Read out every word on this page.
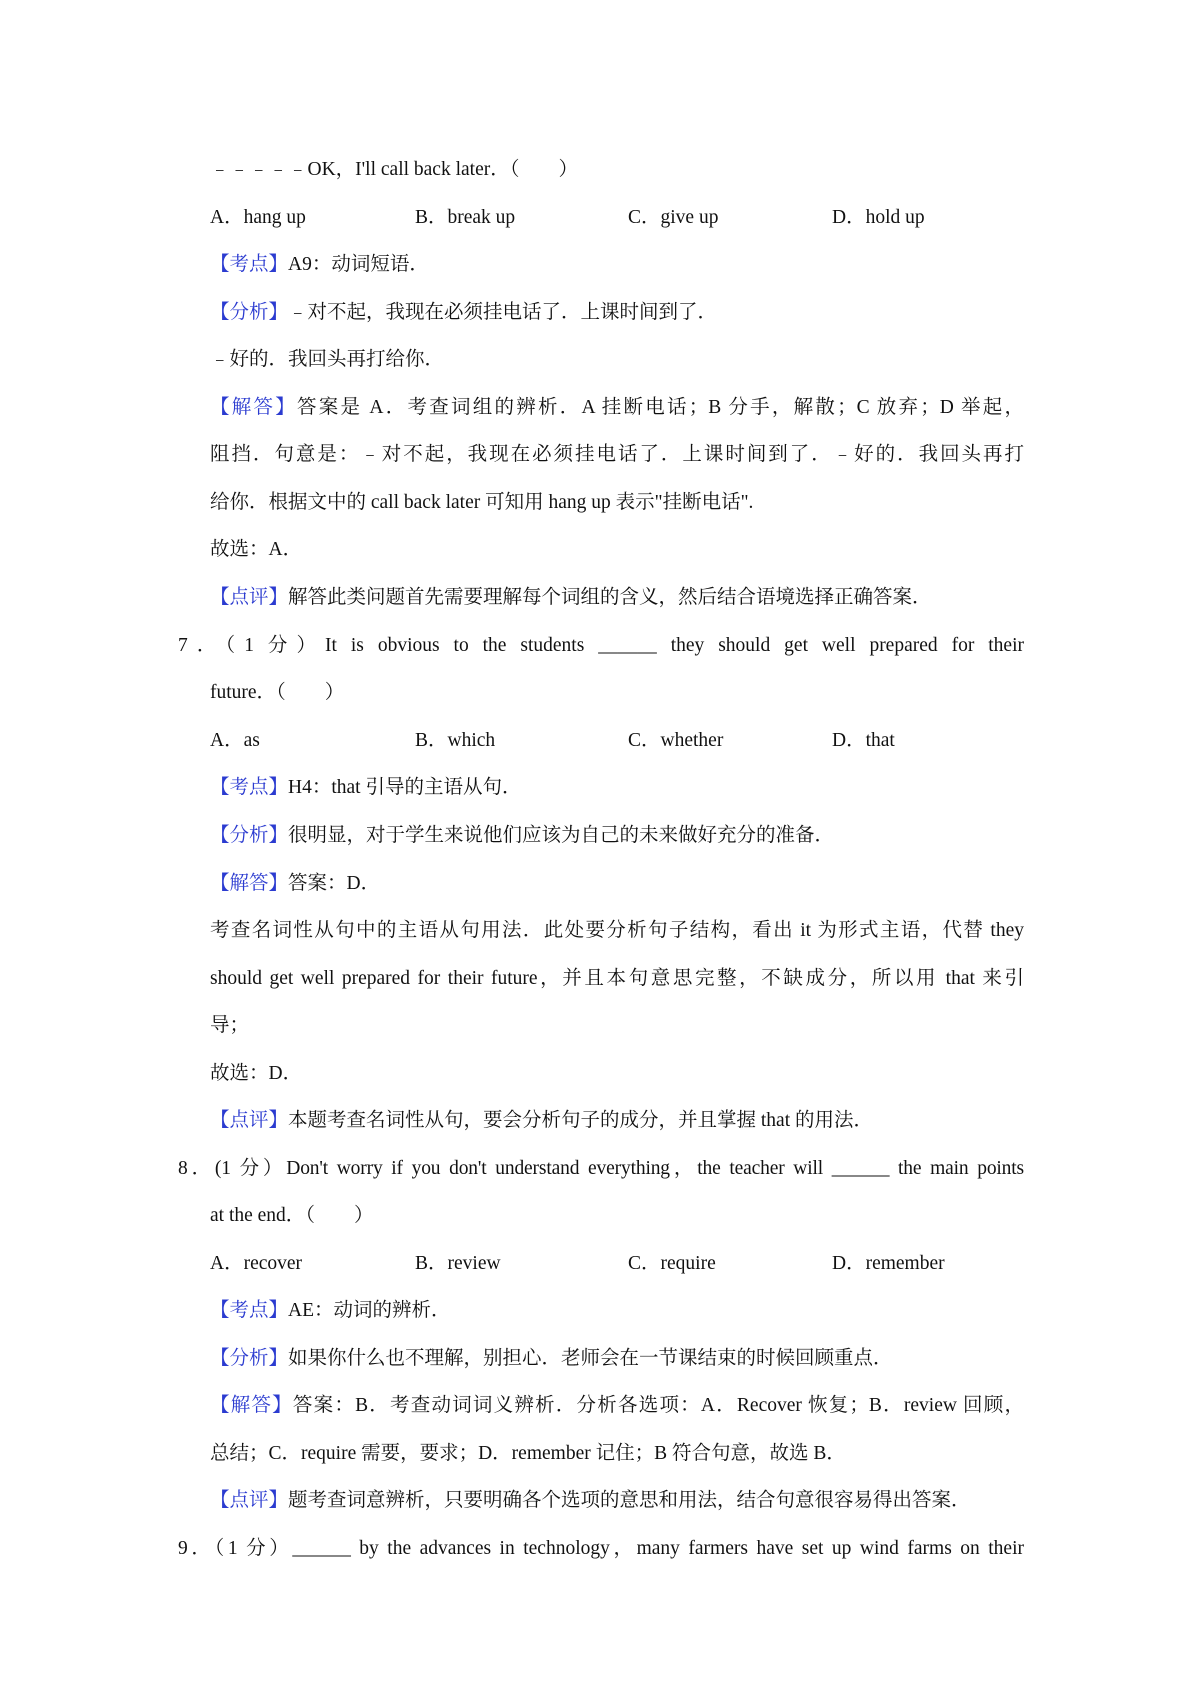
﹣﹣﹣﹣﹣OK，I'll call back later．（　　）
A．hang up	B．break up	C．give up	D．hold up
【考点】A9：动词短语．
【分析】﹣对不起，我现在必须挂电话了．上课时间到了．
﹣好的．我回头再打给你．
【解答】答案是 A．考查词组的辨析．A 挂断电话；B 分手，解散；C 放弃；D 举起，
阻挡．句意是：﹣对不起，我现在必须挂电话了．上课时间到了．﹣好的．我回头再打
给你．根据文中的 call back later 可知用 hang up 表示"挂断电话".
故选：A．
【点评】解答此类问题首先需要理解每个词组的含义，然后结合语境选择正确答案．
7．（1 分）It is obvious to the students ______ they should get well prepared for their
future．（　　）
A．as	B．which	C．whether	D．that
【考点】H4：that 引导的主语从句．
【分析】很明显，对于学生来说他们应该为自己的未来做好充分的准备．
【解答】答案：D．
考查名词性从句中的主语从句用法．此处要分析句子结构，看出 it 为形式主语，代替 they
should get well prepared for their future，并且本句意思完整，不缺成分，所以用 that 来引
导；
故选：D．
【点评】本题考查名词性从句，要会分析句子的成分，并且掌握 that 的用法．
8．(1 分）Don't worry if you don't understand everything，the teacher will ______ the main points
at the end．（　　）
A．recover	B．review	C．require	D．remember
【考点】AE：动词的辨析．
【分析】如果你什么也不理解，别担心．老师会在一节课结束的时候回顾重点．
【解答】答案：B．考查动词词义辨析．分析各选项：A．Recover 恢复；B．review 回顾，
总结；C．require 需要，要求；D．remember 记住；B 符合句意，故选 B．
【点评】题考查词意辨析，只要明确各个选项的意思和用法，结合句意很容易得出答案．
9．（1 分）______ by the advances in technology，many farmers have set up wind farms on their
